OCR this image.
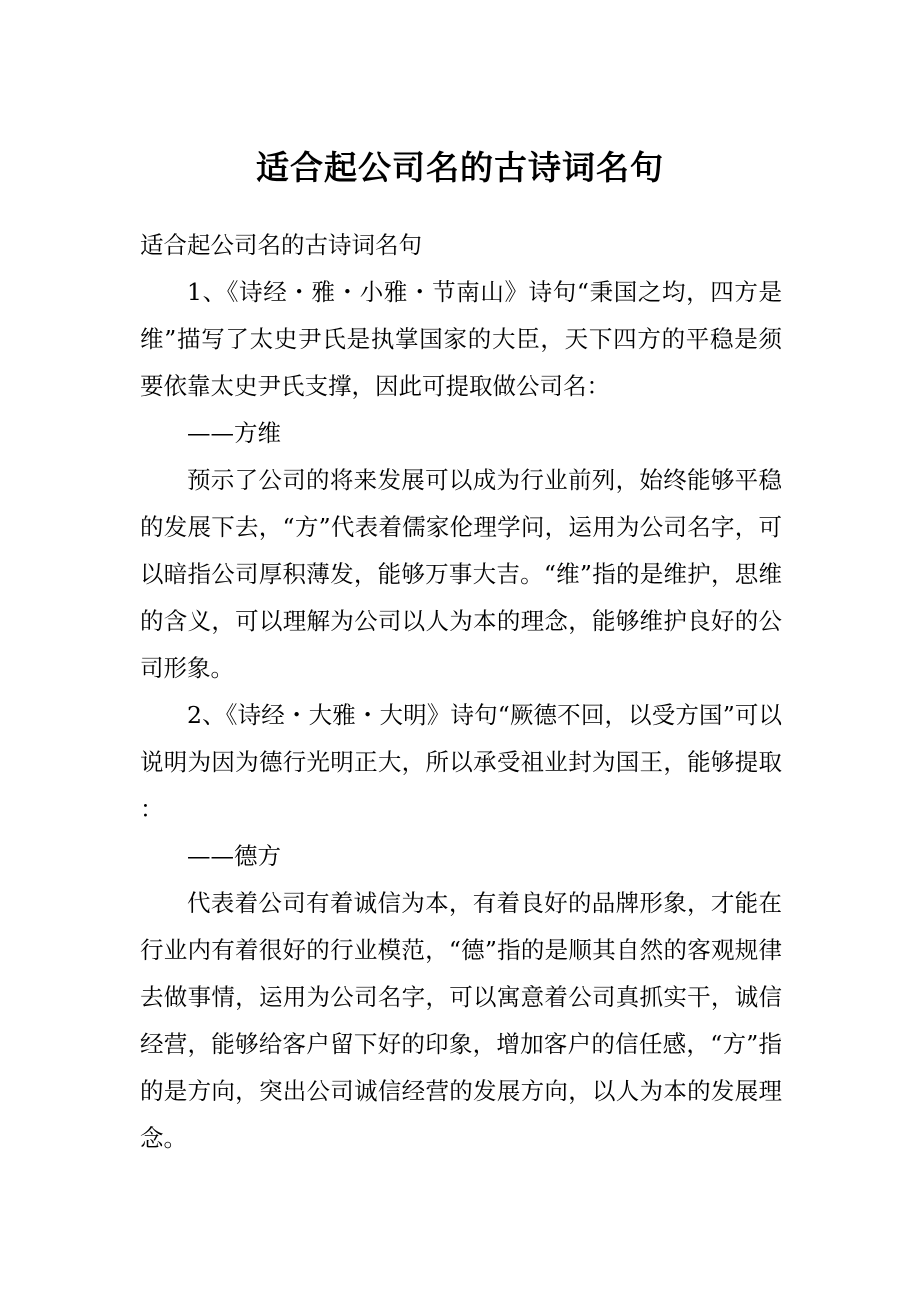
适合起公司名的古诗词名句

适合起公司名的古诗词名句

1、《诗经・雅・小雅・节南山》诗句“秉国之均，四方是维”描写了太史尹氏是执掌国家的大臣，天下四方的平稳是须要依靠太史尹氏支撑，因此可提取做公司名：

——方维

预示了公司的将来发展可以成为行业前列，始终能够平稳的发展下去，“方”代表着儒家伦理学问，运用为公司名字，可以暗指公司厚积薄发，能够万事大吉。“维”指的是维护，思维的含义，可以理解为公司以人为本的理念，能够维护良好的公司形象。

2、《诗经・大雅・大明》诗句“厥德不回，以受方国”可以说明为因为德行光明正大，所以承受祖业封为国王，能够提取：

——德方

代表着公司有着诚信为本，有着良好的品牌形象，才能在行业内有着很好的行业模范，“德”指的是顺其自然的客观规律去做事情，运用为公司名字，可以寓意着公司真抓实干，诚信经营，能够给客户留下好的印象，增加客户的信任感，“方”指的是方向，突出公司诚信经营的发展方向，以人为本的发展理念。
